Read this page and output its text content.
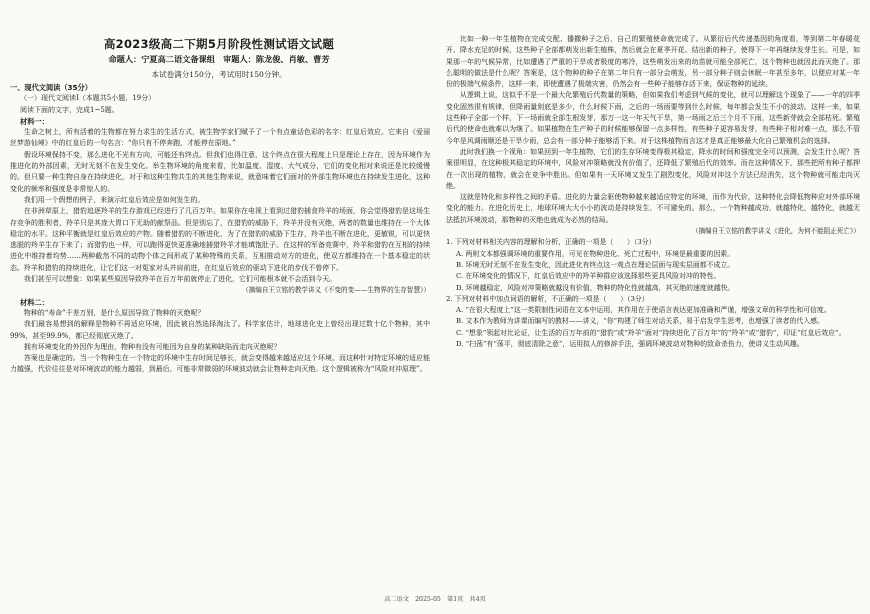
高2023级高二下期5月阶段性测试语文试题
命题人：宁夏高二语文备课组　审题人：陈龙俊、肖敏、曹芳
本试卷满分150分，考试用时150分钟。

一、现代文阅读（35分）

（一）现代文阅读Ⅰ（本题共5小题，19分）

阅读下面的文字，完成1~5题。

材料一：

生命之树上，所有活着的生物都在努力求生的生活方式，被生物学家们赋予了一个有点童话色彩的名字：红皇后效应。它来自《爱丽丝梦游仙境》中的红皇后的一句名言：“你只有不停奔跑，才能停在原地。”

假设环境保持不变，那么进化不光有方向，可能还有终点。但我们也得注意，这个终点在很大程度上只是理论上存在，因为环境作为推进化的外部因素，无时无刻不在发生变化。举生物环境的角度来看，比如温度、湿度、大气成分，它们的变化相对来说还是比较缓慢的。但只要一种生物自身在持续进化，对于和这种生物共生的其他生物来说，就意味着它们面对的外部生物环境也在持续发生进化，这种变化的频率和强度是非常惊人的。

我们用一个假想的例子，来演示红皇后效应是如何发生的。

在非洲草原上，猎豹追逐羚羊的生存游戏已经进行了几百万年。如果你在电视上看到过猎豹捕食羚羊的场面，你会觉得猎豹是这场生存竞争的胜利者，羚羊只是其庞大胃口下无助的献祭品。但是别忘了，在猎豹的威胁下，羚羊并没有灭绝，两者的数量也维持在一个大体稳定的水平。这种平衡就是红皇后效应的产物。随着猎豹的不断进化，为了在猎豹的威胁下生存，羚羊也不断在进化，更敏锐，可以更快逃脱的羚羊生存下来了；而猎豹也一样，可以跑得更快更准确地捕猎羚羊才能填饱肚子。在这样的军备竞赛中，羚羊和猎豹在互相的持续进化中维持着均势……两种截然不同的动物个体之间形成了某种特殊的关系，互相推动对方的进化，使双方都维持在一个基本稳定的状态。羚羊和猎豹的持续进化，让它们这一对冤家对头并肩前进，在红皇后效应的驱动下进化的步伐不曾停下。

我们甚至可以想象：如果某些原因导致羚羊在百万年前就停止了进化，它们可能根本就不会活到今天。

（摘编自王立铭的教学讲义《不变的变——生物界的生存智慧》）

材料二：

物种的“寿命”千差万别，是什么原因导致了物种的灭绝呢？

我们最容易想到的解释是物种不再适应环境，因此被自然选择淘汰了。科学家估计，地球进化史上曾经出现过数十亿个物种，其中99%，甚至99.9%，都已经彻底灭绝了。

拥有环境变化的外因作为理由，物种有没有可能因为自身的某种缺陷而走向灭绝呢？

答案也是确定的。当一个物种生在一个特定的环境中生存时间足够长，就会变得越来越适应这个环境。而这种针对特定环境的适应能力越强，代价往往是对环境波动的能力越弱，到最后，可能非常微弱的环境波动就会让物种走向灭绝。这个逻辑被称为“风险对冲原理”。

比如一种一年生植物在完成交配、播撒种子之后，自己的繁殖使命就完成了。从繁衍后代传递基因的角度看，等到第二年春暖花开、降水充足的时候，这些种子全部都萌发出新生植株，然后就会在夏季开花、结出新的种子，使得下一年再继续发芽生长。可是，如果那一年的气候异常，比如遭遇了严重的干旱或者极度的寒冷，这些萌发出来的幼苗就可能全部死亡，这个物种也就因此而灭绝了。那么聪明的做法是什么呢？答案是，这个物种的种子在第二年只有一部分会萌发，另一部分种子则会休眠一年甚至多年，以便应对某一年份的极端气候条件，这样一来，即使遭遇了极端灾害，仍然会有一些种子能够存活下来，保证物种的延续。

从逻辑上说，这似乎不是一个最大化繁殖后代数量的策略，但如果我们考虑到气候的变化，就可以理解这个现象了——一年的四季变化固然很有规律，但降雨量则底是多少，什么时候下雨，之后的一场雨要等到什么时候，每年都会发生不小的波动。这样一来，如果这些种子全部一个样，下一场雨就全部生根发芽，那万一这一年天气干旱，第一场雨之后三个月不下雨，这些新芽就会全部枯死。繁殖后代的使命也就难以为继了。如果植物在生产种子的时候能够保留一点多样性，有些种子更容易发芽，有些种子相对难一点，那么不管今年是风调雨顺还是干旱少雨，总会有一部分种子能够活下来。对于这株植物而言这才是真正能够最大化自己繁殖机会的选择。

此时我们换一个视角：如果回到一年生植物，它们的生存环境变得极其稳定，降水的时间和强度完全可以预测，会发生什么呢？答案很明显，在这种极其稳定的环境中，风险对冲策略就没有价值了，还降低了繁殖后代的效率。而在这种情况下，那些把所有种子都押在一次出现的植物，就会在竞争中胜出。但如果有一天环境又发生了剧烈变化，风险对冲这个方法已经消失，这个物种就可能走向灭绝。

这就是特化和多样性之间的矛盾。进化的力量会驱使物种越来越适应特定的环境，而作为代价，这种特化会降低物种应对外部环境变化的能力。在进化历史上，地球环境大大小小的波动是持续发生、不可避免的。那么，一个物种越成功，就越特化，越特化，就越无法抵抗环境波动，那物种的灭绝也就成为必然的结局。

（摘编自王立铭的教学讲义《进化，为何不能阻止死亡》）

1. 下列对材料相关内容的理解和分析，正确的一项是（　　）（3分）

A. 两则文本都强调环境的重要作用，可见在物种进化、死亡过程中，环境是最重要的因素。

B. 环境无时无刻不在发生变化，因此进化有终点这一观点在理论层面与现实层面都不成立。

C. 在环境变化的情况下，红皇后效应中的羚羊种群应该选择那些更具风险对冲的特性。

D. 环境越稳定，风险对冲策略就越没有价值，物种的特化性就越高，其灭绝的速度就越快。

2. 下列对材料中加点词语的解析，不正确的一项是（　　）（3分）

A. “在很大程度上”这一类限制性词语在文本中运用，其作用在于使语言表达更加准确和严谨，增强文章的科学性和可信度。

B. 文本作为教师为讲课而编写的教材——讲义，“你”构建了师生对话关系，易于启发学生思考，也增强了读者的代入感。

C. “想象”领起对比论证，让生活的百万年前的“猎豹”或“羚羊”面对“持续进化了百万年”的“羚羊”或“猎豹”，印证“红皇后效应”。

D. “扫荡”有“荡平，彻底清除之意”，运用拟人的修辞手法，强调环境波动对物种的致命杀伤力，使讲义生动风趣。

高二语文　2025-05　第1页　共4页
